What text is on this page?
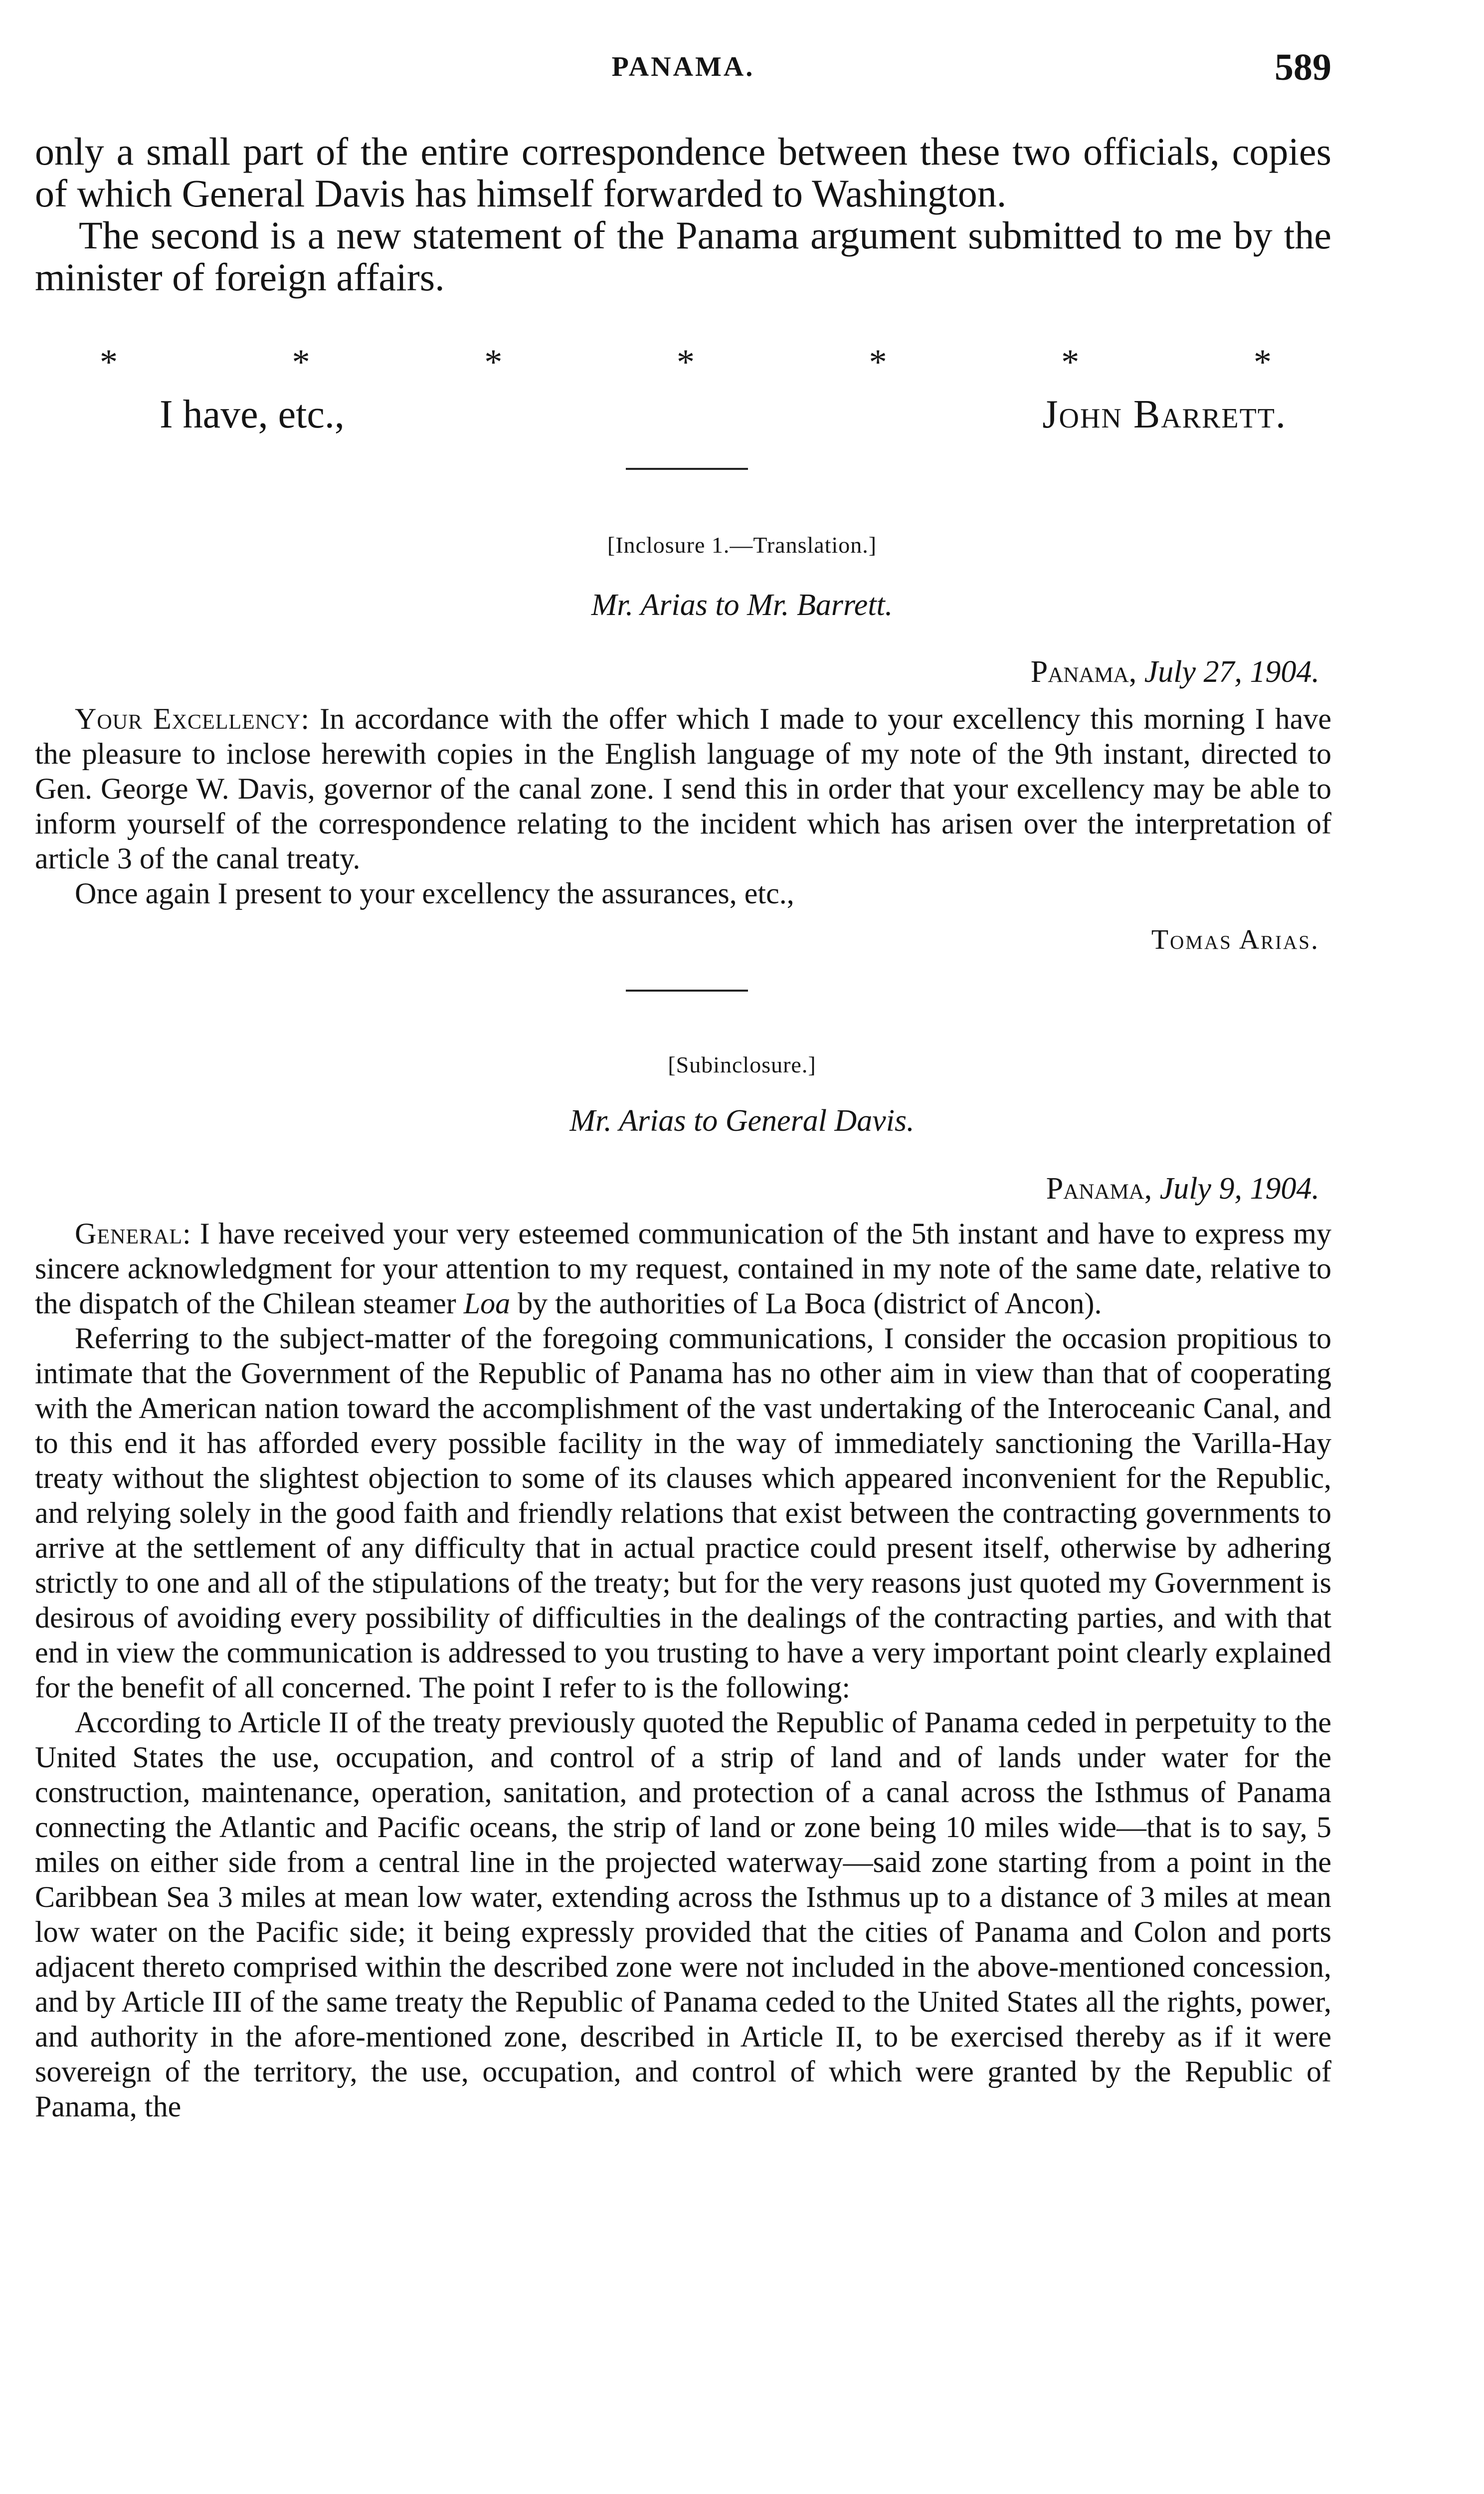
PANAMA.	589

only a small part of the entire correspondence between these two officials, copies of which General Davis has himself forwarded to Washington.

The second is a new statement of the Panama argument submitted to me by the minister of foreign affairs.

*	*	*	*	*	*	*
I have, etc.,	John Barrett.
[Inclosure 1.—Translation.]
Mr. Arias to Mr. Barrett.
Panama, July 27, 1904.

Your Excellency: In accordance with the offer which I made to your excellency this morning I have the pleasure to inclose herewith copies in the English language of my note of the 9th instant, directed to Gen. George W. Davis, governor of the canal zone. I send this in order that your excellency may be able to inform yourself of the correspondence relating to the incident which has arisen over the interpretation of article 3 of the canal treaty.

Once again I present to your excellency the assurances, etc.,

Tomas Arias.
[Subinclosure.]
Mr. Arias to General Davis.
Panama, July 9, 1904.

General: I have received your very esteemed communication of the 5th instant and have to express my sincere acknowledgment for your attention to my request, contained in my note of the same date, relative to the dispatch of the Chilean steamer Loa by the authorities of La Boca (district of Ancon).

Referring to the subject-matter of the foregoing communications, I consider the occasion propitious to intimate that the Government of the Republic of Panama has no other aim in view than that of cooperating with the American nation toward the accomplishment of the vast undertaking of the Interoceanic Canal, and to this end it has afforded every possible facility in the way of immediately sanctioning the Varilla-Hay treaty without the slightest objection to some of its clauses which appeared inconvenient for the Republic, and relying solely in the good faith and friendly relations that exist between the contracting governments to arrive at the settlement of any difficulty that in actual practice could present itself, otherwise by adhering strictly to one and all of the stipulations of the treaty; but for the very reasons just quoted my Government is desirous of avoiding every possibility of difficulties in the dealings of the contracting parties, and with that end in view the communication is addressed to you trusting to have a very important point clearly explained for the benefit of all concerned. The point I refer to is the following:

According to Article II of the treaty previously quoted the Republic of Panama ceded in perpetuity to the United States the use, occupation, and control of a strip of land and of lands under water for the construction, maintenance, operation, sanitation, and protection of a canal across the Isthmus of Panama connecting the Atlantic and Pacific oceans, the strip of land or zone being 10 miles wide—that is to say, 5 miles on either side from a central line in the projected waterway—said zone starting from a point in the Caribbean Sea 3 miles at mean low water, extending across the Isthmus up to a distance of 3 miles at mean low water on the Pacific side; it being expressly provided that the cities of Panama and Colon and ports adjacent thereto comprised within the described zone were not included in the above-mentioned concession, and by Article III of the same treaty the Republic of Panama ceded to the United States all the rights, power, and authority in the afore-mentioned zone, described in Article II, to be exercised thereby as if it were sovereign of the territory, the use, occupation, and control of which were granted by the Republic of Panama, the
